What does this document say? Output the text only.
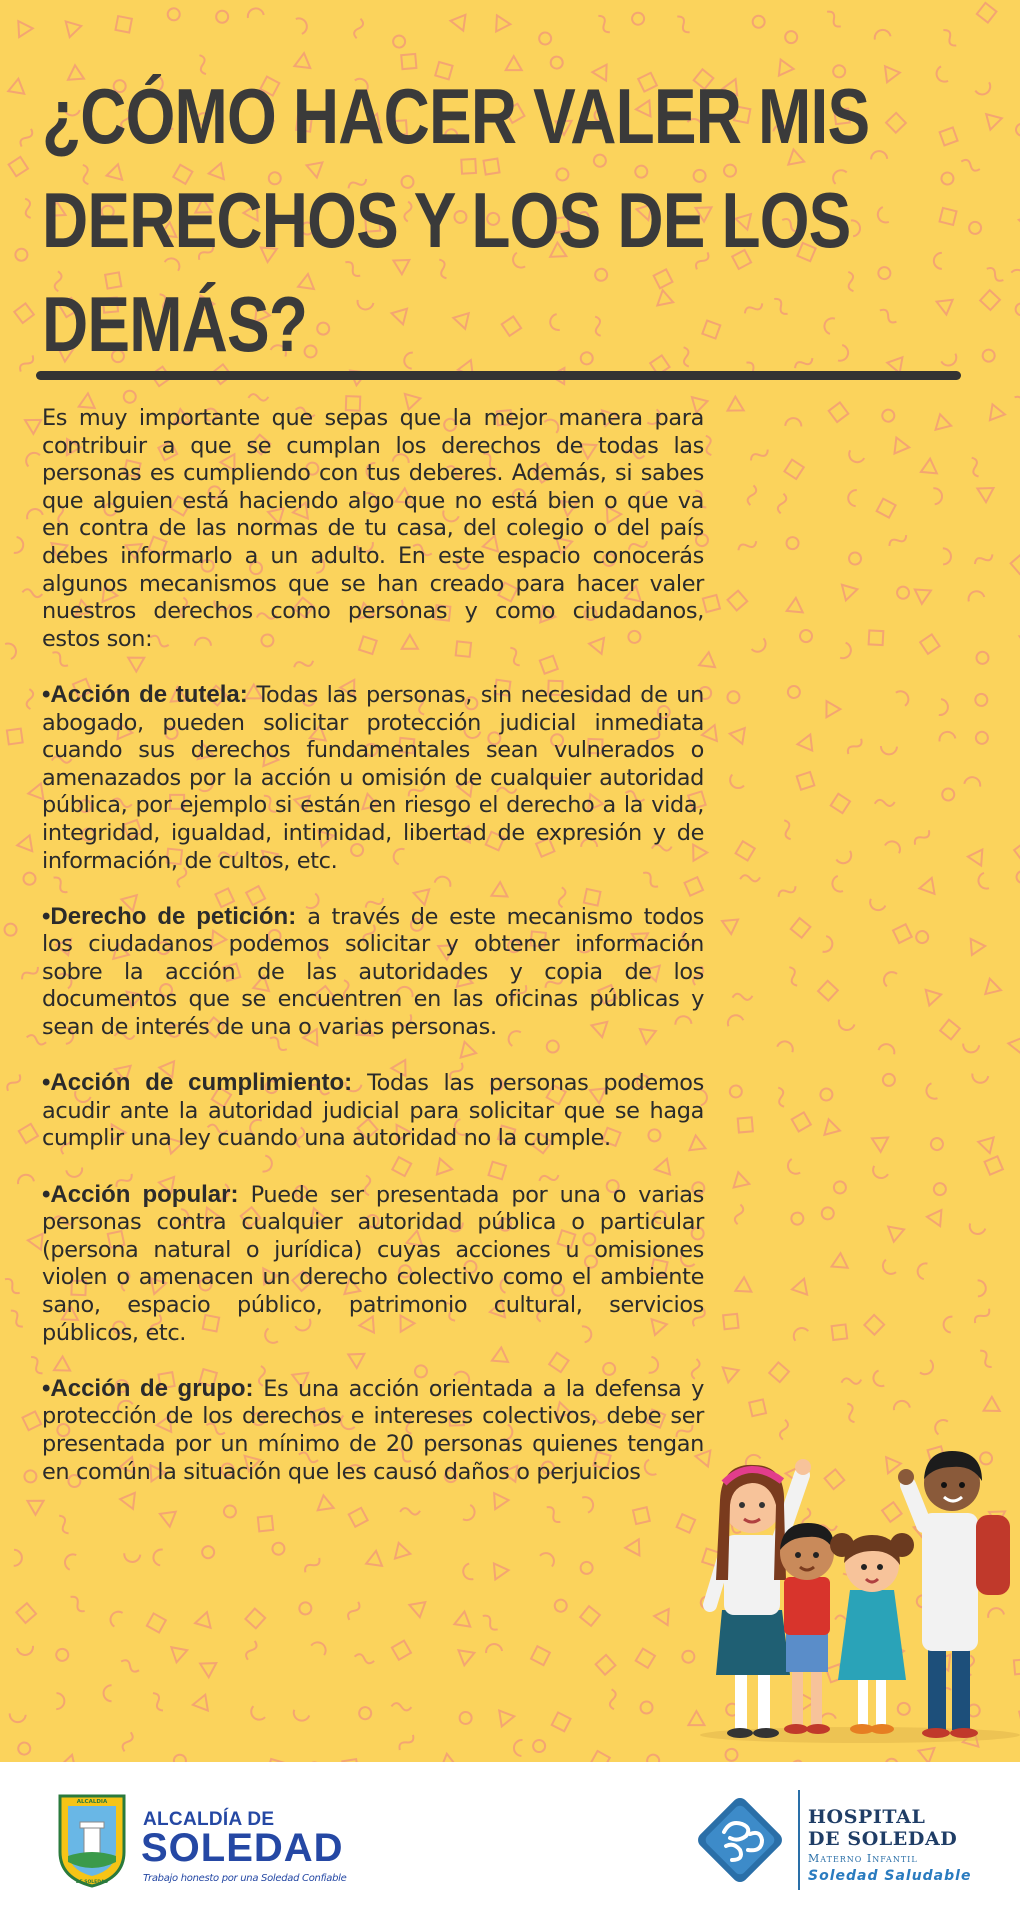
¿CÓMO HACER VALER MIS
DERECHOS Y LOS DE LOS
DEMÁS?

Es muy importante que sepas que la mejor manera para contribuir a que se cumplan los derechos de todas las personas es cumpliendo con tus deberes. Además, si sabes que alguien está haciendo algo que no está bien o que va en contra de las normas de tu casa, del colegio o del país debes informarlo a un adulto. En este espacio conocerás algunos mecanismos que se han creado para hacer valer nuestros derechos como personas y como ciudadanos, estos son:

•Acción de tutela: Todas las personas, sin necesidad de un abogado, pueden solicitar protección judicial inmediata cuando sus derechos fundamentales sean vulnerados o amenazados por la acción u omisión de cualquier autoridad pública, por ejemplo si están en riesgo el derecho a la vida, integridad, igualdad, intimidad, libertad de expresión y de información, de cultos, etc.

•Derecho de petición: a través de este mecanismo todos los ciudadanos podemos solicitar y obtener información sobre la acción de las autoridades y copia de los documentos que se encuentren en las oficinas públicas y sean de interés de una o varias personas.

•Acción de cumplimiento: Todas las personas podemos acudir ante la autoridad judicial para solicitar que se haga cumplir una ley cuando una autoridad no la cumple.

•Acción popular: Puede ser presentada por una o varias personas contra cualquier autoridad pública o particular (persona natural o jurídica) cuyas acciones u omisiones violen o amenacen un derecho colectivo como el ambiente sano, espacio público, patrimonio cultural, servicios públicos, etc.

•Acción de grupo: Es una acción orientada a la defensa y protección de los derechos e intereses colectivos, debe ser presentada por un mínimo de 20 personas quienes tengan en común la situación que les causó daños o perjuicios

ALCALDIA
DE SOLEDAD
ALCALDÍA DE
SOLEDAD
Trabajo honesto por una Soledad Confiable
HOSPITAL
DE SOLEDAD
Materno Infantil
Soledad Saludable
